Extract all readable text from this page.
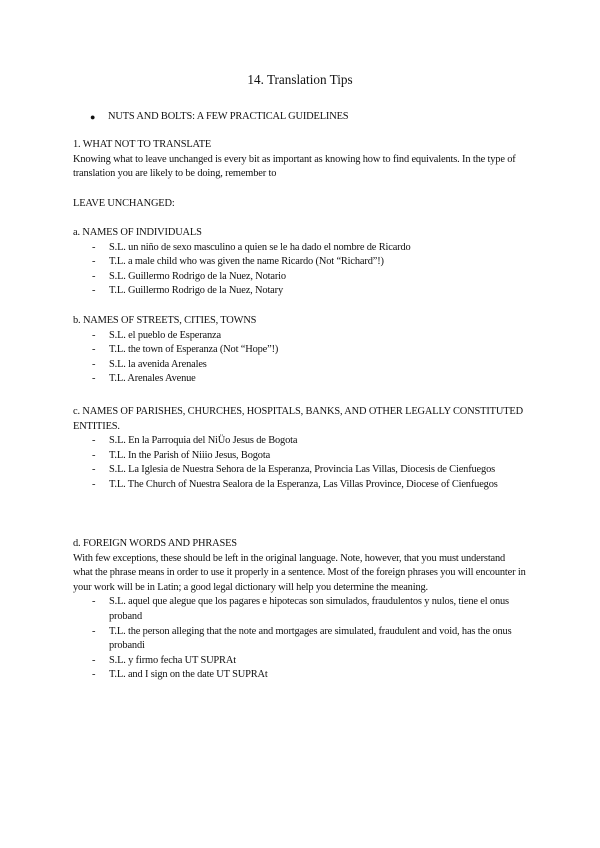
14. Translation Tips
● NUTS AND BOLTS: A FEW PRACTICAL GUIDELINES
1. WHAT NOT TO TRANSLATE
Knowing what to leave unchanged is every bit as important as knowing how to find equivalents. In the type of translation you are likely to be doing, remember to
LEAVE UNCHANGED:
a. NAMES OF INDIVIDUALS
- S.L. un niño de sexo masculino a quien se le ha dado el nombre de Ricardo
- T.L. a male child who was given the name Ricardo (Not “Richard”!)
- S.L. Guillermo Rodrigo de la Nuez, Notario
- T.L. Guillermo Rodrigo de la Nuez, Notary
b. NAMES OF STREETS, CITIES, TOWNS
- S.L. el pueblo de Esperanza
- T.L. the town of Esperanza (Not “Hope”!)
- S.L. la avenida Arenales
- T.L. Arenales Avenue
c. NAMES OF PARISHES, CHURCHES, HOSPITALS, BANKS, AND OTHER LEGALLY CONSTITUTED ENTITIES.
- S.L. En la Parroquia del NiÜo Jesus de Bogota
- T.L. In the Parish of Niiio Jesus, Bogota
- S.L. La Iglesia de Nuestra Sehora de la Esperanza, Provincia Las Villas, Diocesis de Cienfuegos
- T.L. The Church of Nuestra Sealora de la Esperanza, Las Villas Province, Diocese of Cienfuegos
d. FOREIGN WORDS AND PHRASES
With few exceptions, these should be left in the original language. Note, however, that you must understand what the phrase means in order to use it properly in a sentence. Most of the foreign phrases you will encounter in your work will be in Latin; a good legal dictionary will help you determine the meaning.
- S.L. aquel que alegue que los pagares e hipotecas son simulados, fraudulentos y nulos, tiene el onus proband
- T.L. the person alleging that the note and mortgages are simulated, fraudulent and void, has the onus probandi
- S.L. y firmo fecha UT SUPRAt
- T.L. and I sign on the date UT SUPRAt
